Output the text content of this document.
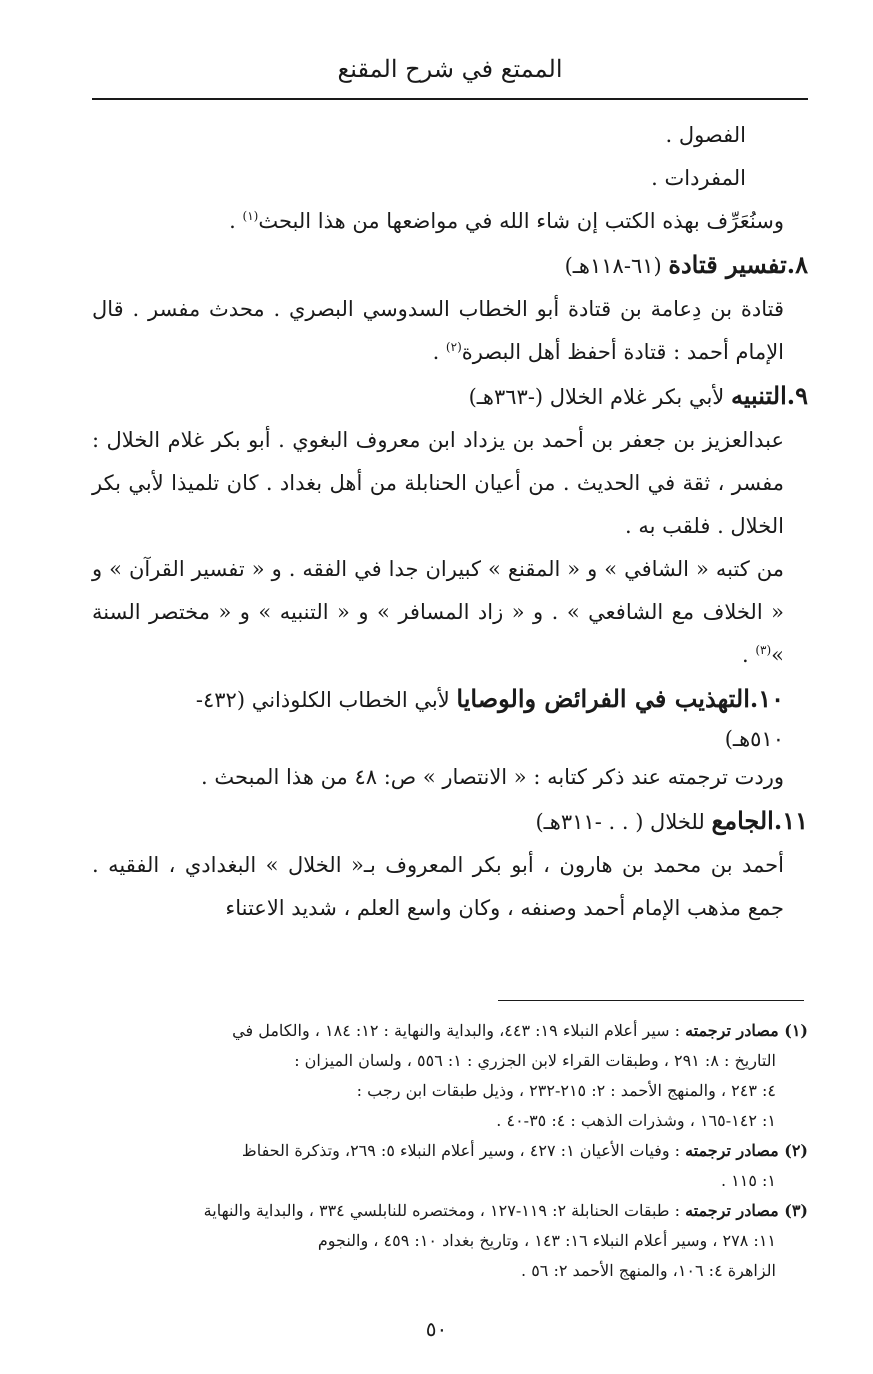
الممتع في شرح المقنع

الفصول .

المفردات .

وسنُعَرِّف بهذه الكتب إن شاء الله في مواضعها من هذا البحث$^{(١)}$ .

٨.تفسير قتادة (٦١-١١٨هـ)

قتادة بن دِعامة بن قتادة أبو الخطاب السدوسي البصري . محدث مفسر . قال الإمام أحمد : قتادة أحفظ أهل البصرة$^{(٢)}$ .

٩.التنبيه لأبي بكر غلام الخلال (-٣٦٣هـ)

عبدالعزيز بن جعفر بن أحمد بن يزداد ابن معروف البغوي . أبو بكر غلام الخلال : مفسر ، ثقة في الحديث . من أعيان الحنابلة من أهل بغداد . كان تلميذا لأبي بكر الخلال . فلقب به .

من كتبه « الشافي » و « المقنع » كبيران جدا في الفقه . و « تفسير القرآن » و « الخلاف مع الشافعي » . و « زاد المسافر » و « التنبيه » و « مختصر السنة »$^{(٣)}$ .

١٠.التهذيب في الفرائض والوصايا لأبي الخطاب الكلوذاني (٤٣٢-

٥١٠هـ)

وردت ترجمته عند ذكر كتابه : « الانتصار » ص: ٤٨ من هذا المبحث .

١١.الجامع للخلال ( . . -٣١١هـ)

أحمد بن محمد بن هارون ، أبو بكر المعروف بـ« الخلال » البغدادي ، الفقيه . جمع مذهب الإمام أحمد وصنفه ، وكان واسع العلم ، شديد الاعتناء

(١) مصادر ترجمته : سير أعلام النبلاء ١٩: ٤٤٣، والبداية والنهاية : ١٢: ١٨٤ ، والكامل في

التاريخ : ٨: ٢٩١ ، وطبقات القراء لابن الجزري : ١: ٥٥٦ ، ولسان الميزان :

٤: ٢٤٣ ، والمنهج الأحمد : ٢: ٢١٥-٢٣٢ ، وذيل طبقات ابن رجب :

١: ١٤٢-١٦٥ ، وشذرات الذهب : ٤: ٣٥-٤٠ .

(٢) مصادر ترجمته : وفيات الأعيان ١: ٤٢٧ ، وسير أعلام النبلاء ٥: ٢٦٩، وتذكرة الحفاظ

١: ١١٥ .

(٣) مصادر ترجمته : طبقات الحنابلة ٢: ١١٩-١٢٧ ، ومختصره للنابلسي ٣٣٤ ، والبداية والنهاية

١١: ٢٧٨ ، وسير أعلام النبلاء ١٦: ١٤٣ ، وتاريخ بغداد ١٠: ٤٥٩ ، والنجوم

الزاهرة ٤: ١٠٦، والمنهج الأحمد ٢: ٥٦ .

٥٠
